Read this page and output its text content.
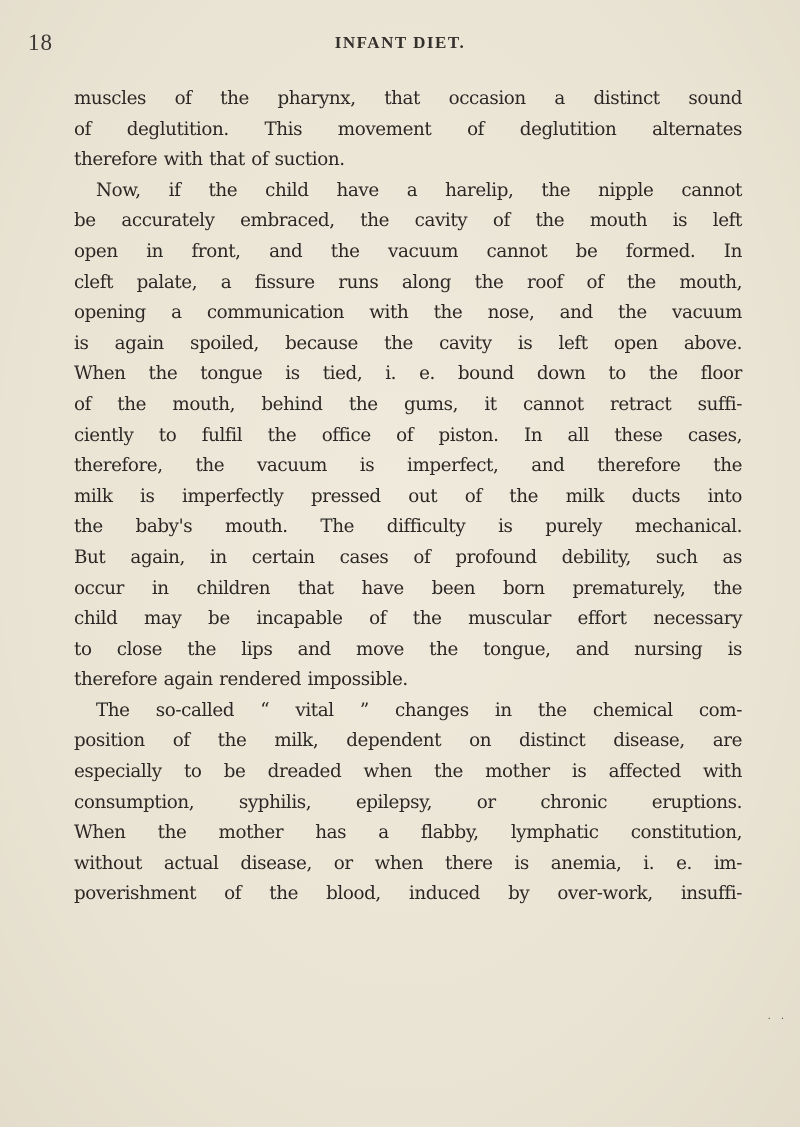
18	INFANT DIET.
muscles of the pharynx, that occasion a distinct sound
of deglutition. This movement of deglutition alternates
therefore with that of suction.
Now, if the child have a harelip, the nipple cannot
be accurately embraced, the cavity of the mouth is left
open in front, and the vacuum cannot be formed. In
cleft palate, a fissure runs along the roof of the mouth,
opening a communication with the nose, and the vacuum
is again spoiled, because the cavity is left open above.
When the tongue is tied, i. e. bound down to the floor
of the mouth, behind the gums, it cannot retract suffi-
ciently to fulfil the office of piston. In all these cases,
therefore, the vacuum is imperfect, and therefore the
milk is imperfectly pressed out of the milk ducts into
the baby's mouth. The difficulty is purely mechanical.
But again, in certain cases of profound debility, such as
occur in children that have been born prematurely, the
child may be incapable of the muscular effort necessary
to close the lips and move the tongue, and nursing is
therefore again rendered impossible.
The so-called “ vital ” changes in the chemical com-
position of the milk, dependent on distinct disease, are
especially to be dreaded when the mother is affected with
consumption, syphilis, epilepsy, or chronic eruptions.
When the mother has a flabby, lymphatic constitution,
without actual disease, or when there is anemia, i. e. im-
poverishment of the blood, induced by over-work, insuffi-
··
